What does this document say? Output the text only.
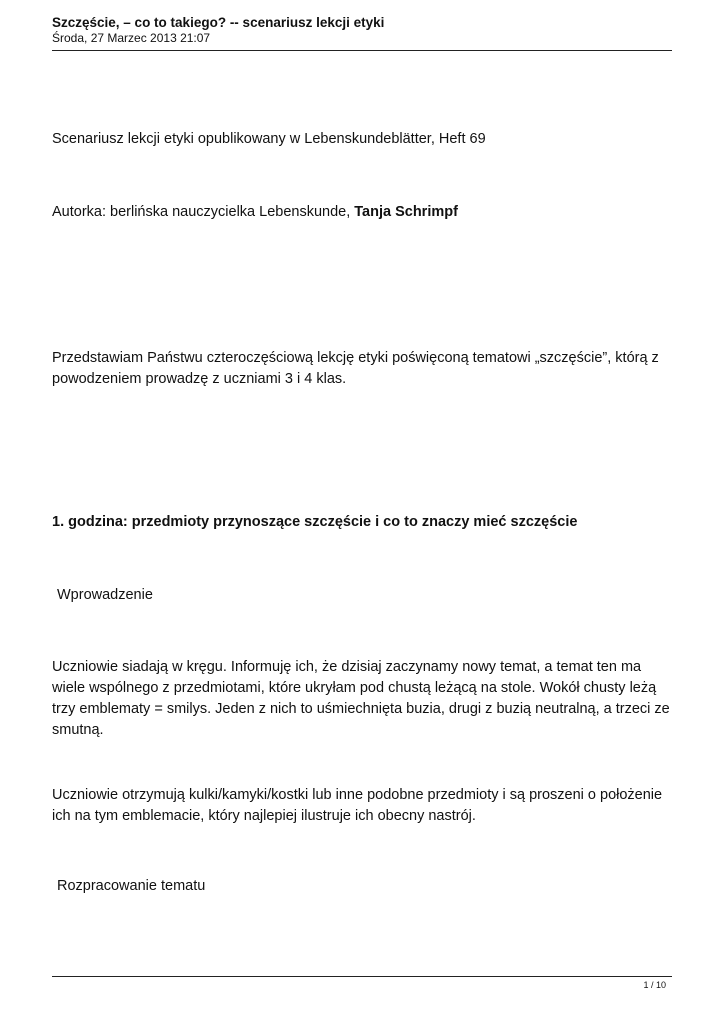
Szczęście, – co to takiego? -- scenariusz lekcji etyki
Środa, 27 Marzec 2013 21:07

Scenariusz lekcji etyki opublikowany w Lebenskundeblätter, Heft 69

Autorka: berlińska nauczycielka Lebenskunde, Tanja Schrimpf

Przedstawiam Państwu czteroczęściową lekcję etyki poświęconą tematowi „szczęście”, którą z powodzeniem prowadzę z uczniami 3 i 4 klas.

1. godzina: przedmioty przynoszące szczęście i co to znaczy mieć szczęście

Wprowadzenie

Uczniowie siadają w kręgu. Informuję ich, że dzisiaj zaczynamy nowy temat, a temat ten ma wiele wspólnego z przedmiotami, które ukryłam pod chustą leżącą na stole. Wokół chusty leżą trzy emblematy = smilys. Jeden z nich to uśmiechnięta buzia, drugi z buzią neutralną, a trzeci ze smutną.

Uczniowie otrzymują kulki/kamyki/kostki lub inne podobne przedmioty i są proszeni o położenie ich na tym emblemacie, który najlepiej ilustruje ich obecny nastrój.

Rozpracowanie tematu

1 / 10
